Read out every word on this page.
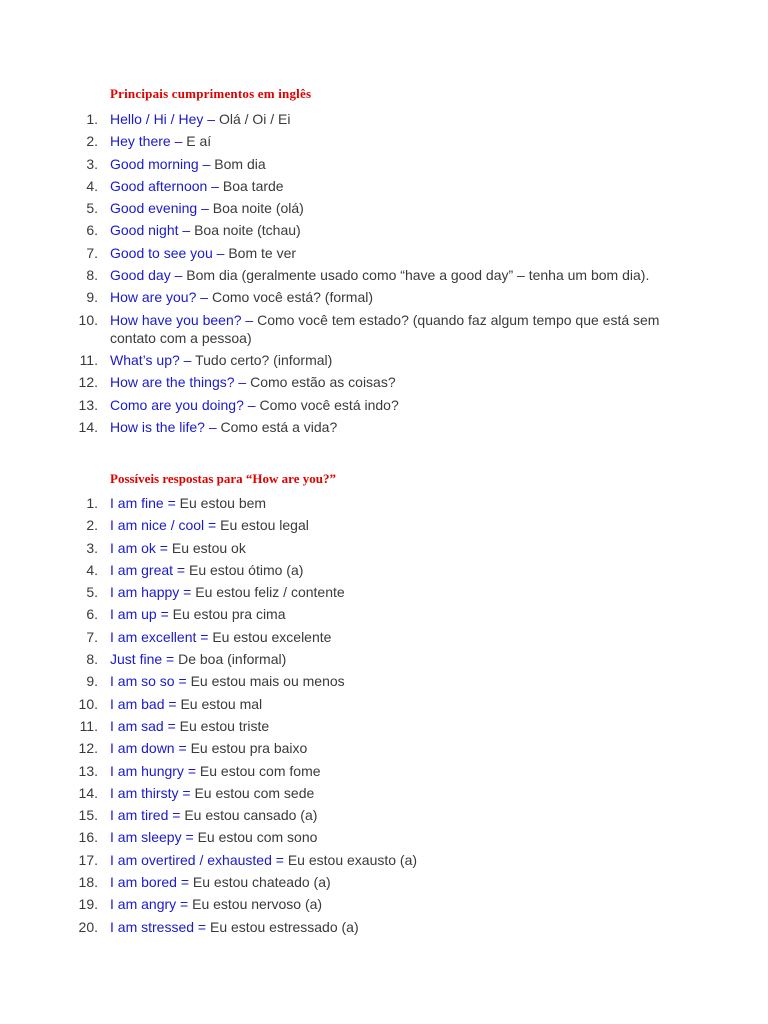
Principais cumprimentos em inglês
1. Hello / Hi / Hey – Olá / Oi / Ei
2. Hey there – E aí
3. Good morning – Bom dia
4. Good afternoon – Boa tarde
5. Good evening – Boa noite (olá)
6. Good night – Boa noite (tchau)
7. Good to see you – Bom te ver
8. Good day – Bom dia (geralmente usado como “have a good day” – tenha um bom dia).
9. How are you? – Como você está? (formal)
10. How have you been? – Como você tem estado? (quando faz algum tempo que está sem contato com a pessoa)
11. What’s up? – Tudo certo? (informal)
12. How are the things? – Como estão as coisas?
13. Como are you doing? – Como você está indo?
14. How is the life? – Como está a vida?
Possíveis respostas para “How are you?”
1. I am fine = Eu estou bem
2. I am nice / cool = Eu estou legal
3. I am ok = Eu estou ok
4. I am great = Eu estou ótimo (a)
5. I am happy = Eu estou feliz / contente
6. I am up = Eu estou pra cima
7. I am excellent = Eu estou excelente
8. Just fine = De boa (informal)
9. I am so so = Eu estou mais ou menos
10. I am bad = Eu estou mal
11. I am sad = Eu estou triste
12. I am down = Eu estou pra baixo
13. I am hungry = Eu estou com fome
14. I am thirsty = Eu estou com sede
15. I am tired = Eu estou cansado (a)
16. I am sleepy = Eu estou com sono
17. I am overtired / exhausted = Eu estou exausto (a)
18. I am bored = Eu estou chateado (a)
19. I am angry = Eu estou nervoso (a)
20. I am stressed = Eu estou estressado (a)
